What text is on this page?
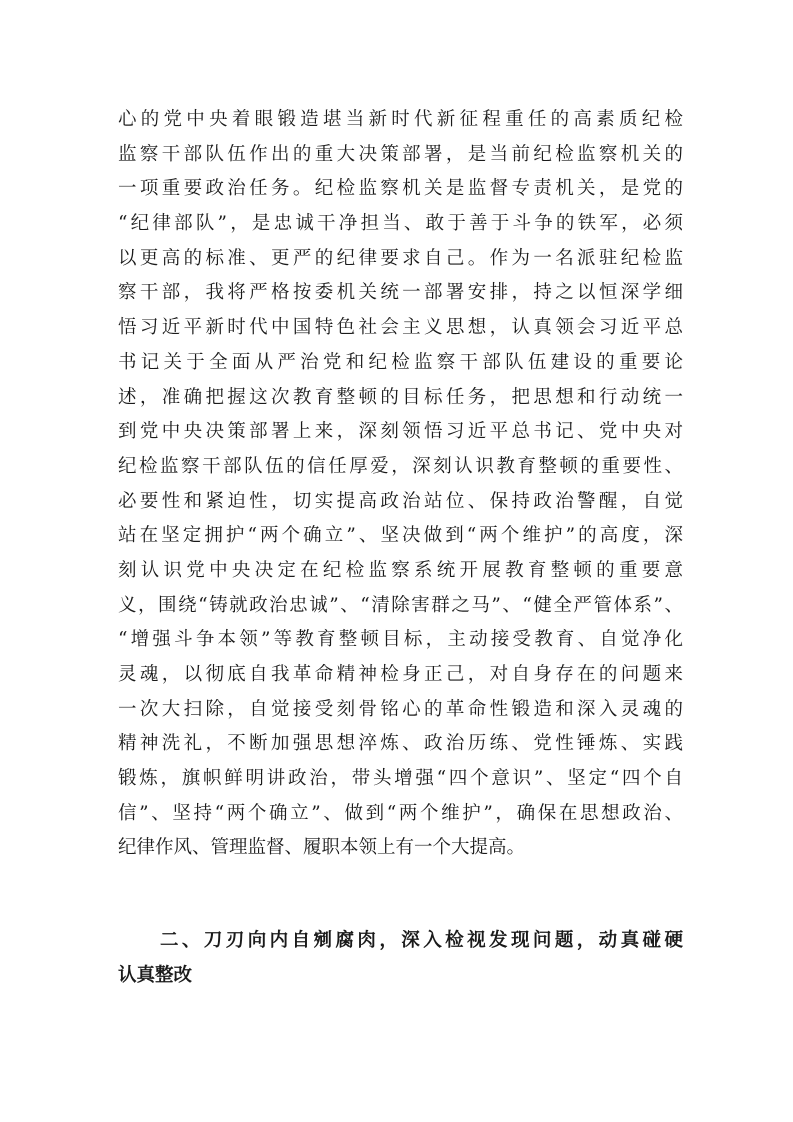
心的党中央着眼锻造堪当新时代新征程重任的高素质纪检
监察干部队伍作出的重大决策部署，是当前纪检监察机关的
一项重要政治任务。纪检监察机关是监督专责机关，是党的
“纪律部队”，是忠诚干净担当、敢于善于斗争的铁军，必须
以更高的标准、更严的纪律要求自己。作为一名派驻纪检监
察干部，我将严格按委机关统一部署安排，持之以恒深学细
悟习近平新时代中国特色社会主义思想，认真领会习近平总
书记关于全面从严治党和纪检监察干部队伍建设的重要论
述，准确把握这次教育整顿的目标任务，把思想和行动统一
到党中央决策部署上来，深刻领悟习近平总书记、党中央对
纪检监察干部队伍的信任厚爱，深刻认识教育整顿的重要性、
必要性和紧迫性，切实提高政治站位、保持政治警醒，自觉
站在坚定拥护“两个确立”、坚决做到“两个维护”的高度，深
刻认识党中央决定在纪检监察系统开展教育整顿的重要意
义，围绕“铸就政治忠诚”、“清除害群之马”、“健全严管体系”、
“增强斗争本领”等教育整顿目标，主动接受教育、自觉净化
灵魂，以彻底自我革命精神检身正己，对自身存在的问题来
一次大扫除，自觉接受刻骨铭心的革命性锻造和深入灵魂的
精神洗礼，不断加强思想淬炼、政治历练、党性锤炼、实践
锻炼，旗帜鲜明讲政治，带头增强“四个意识”、坚定“四个自
信”、坚持“两个确立”、做到“两个维护”，确保在思想政治、
纪律作风、管理监督、履职本领上有一个大提高。
二、刀刃向内自剜腐肉，深入检视发现问题，动真碰硬
认真整改
